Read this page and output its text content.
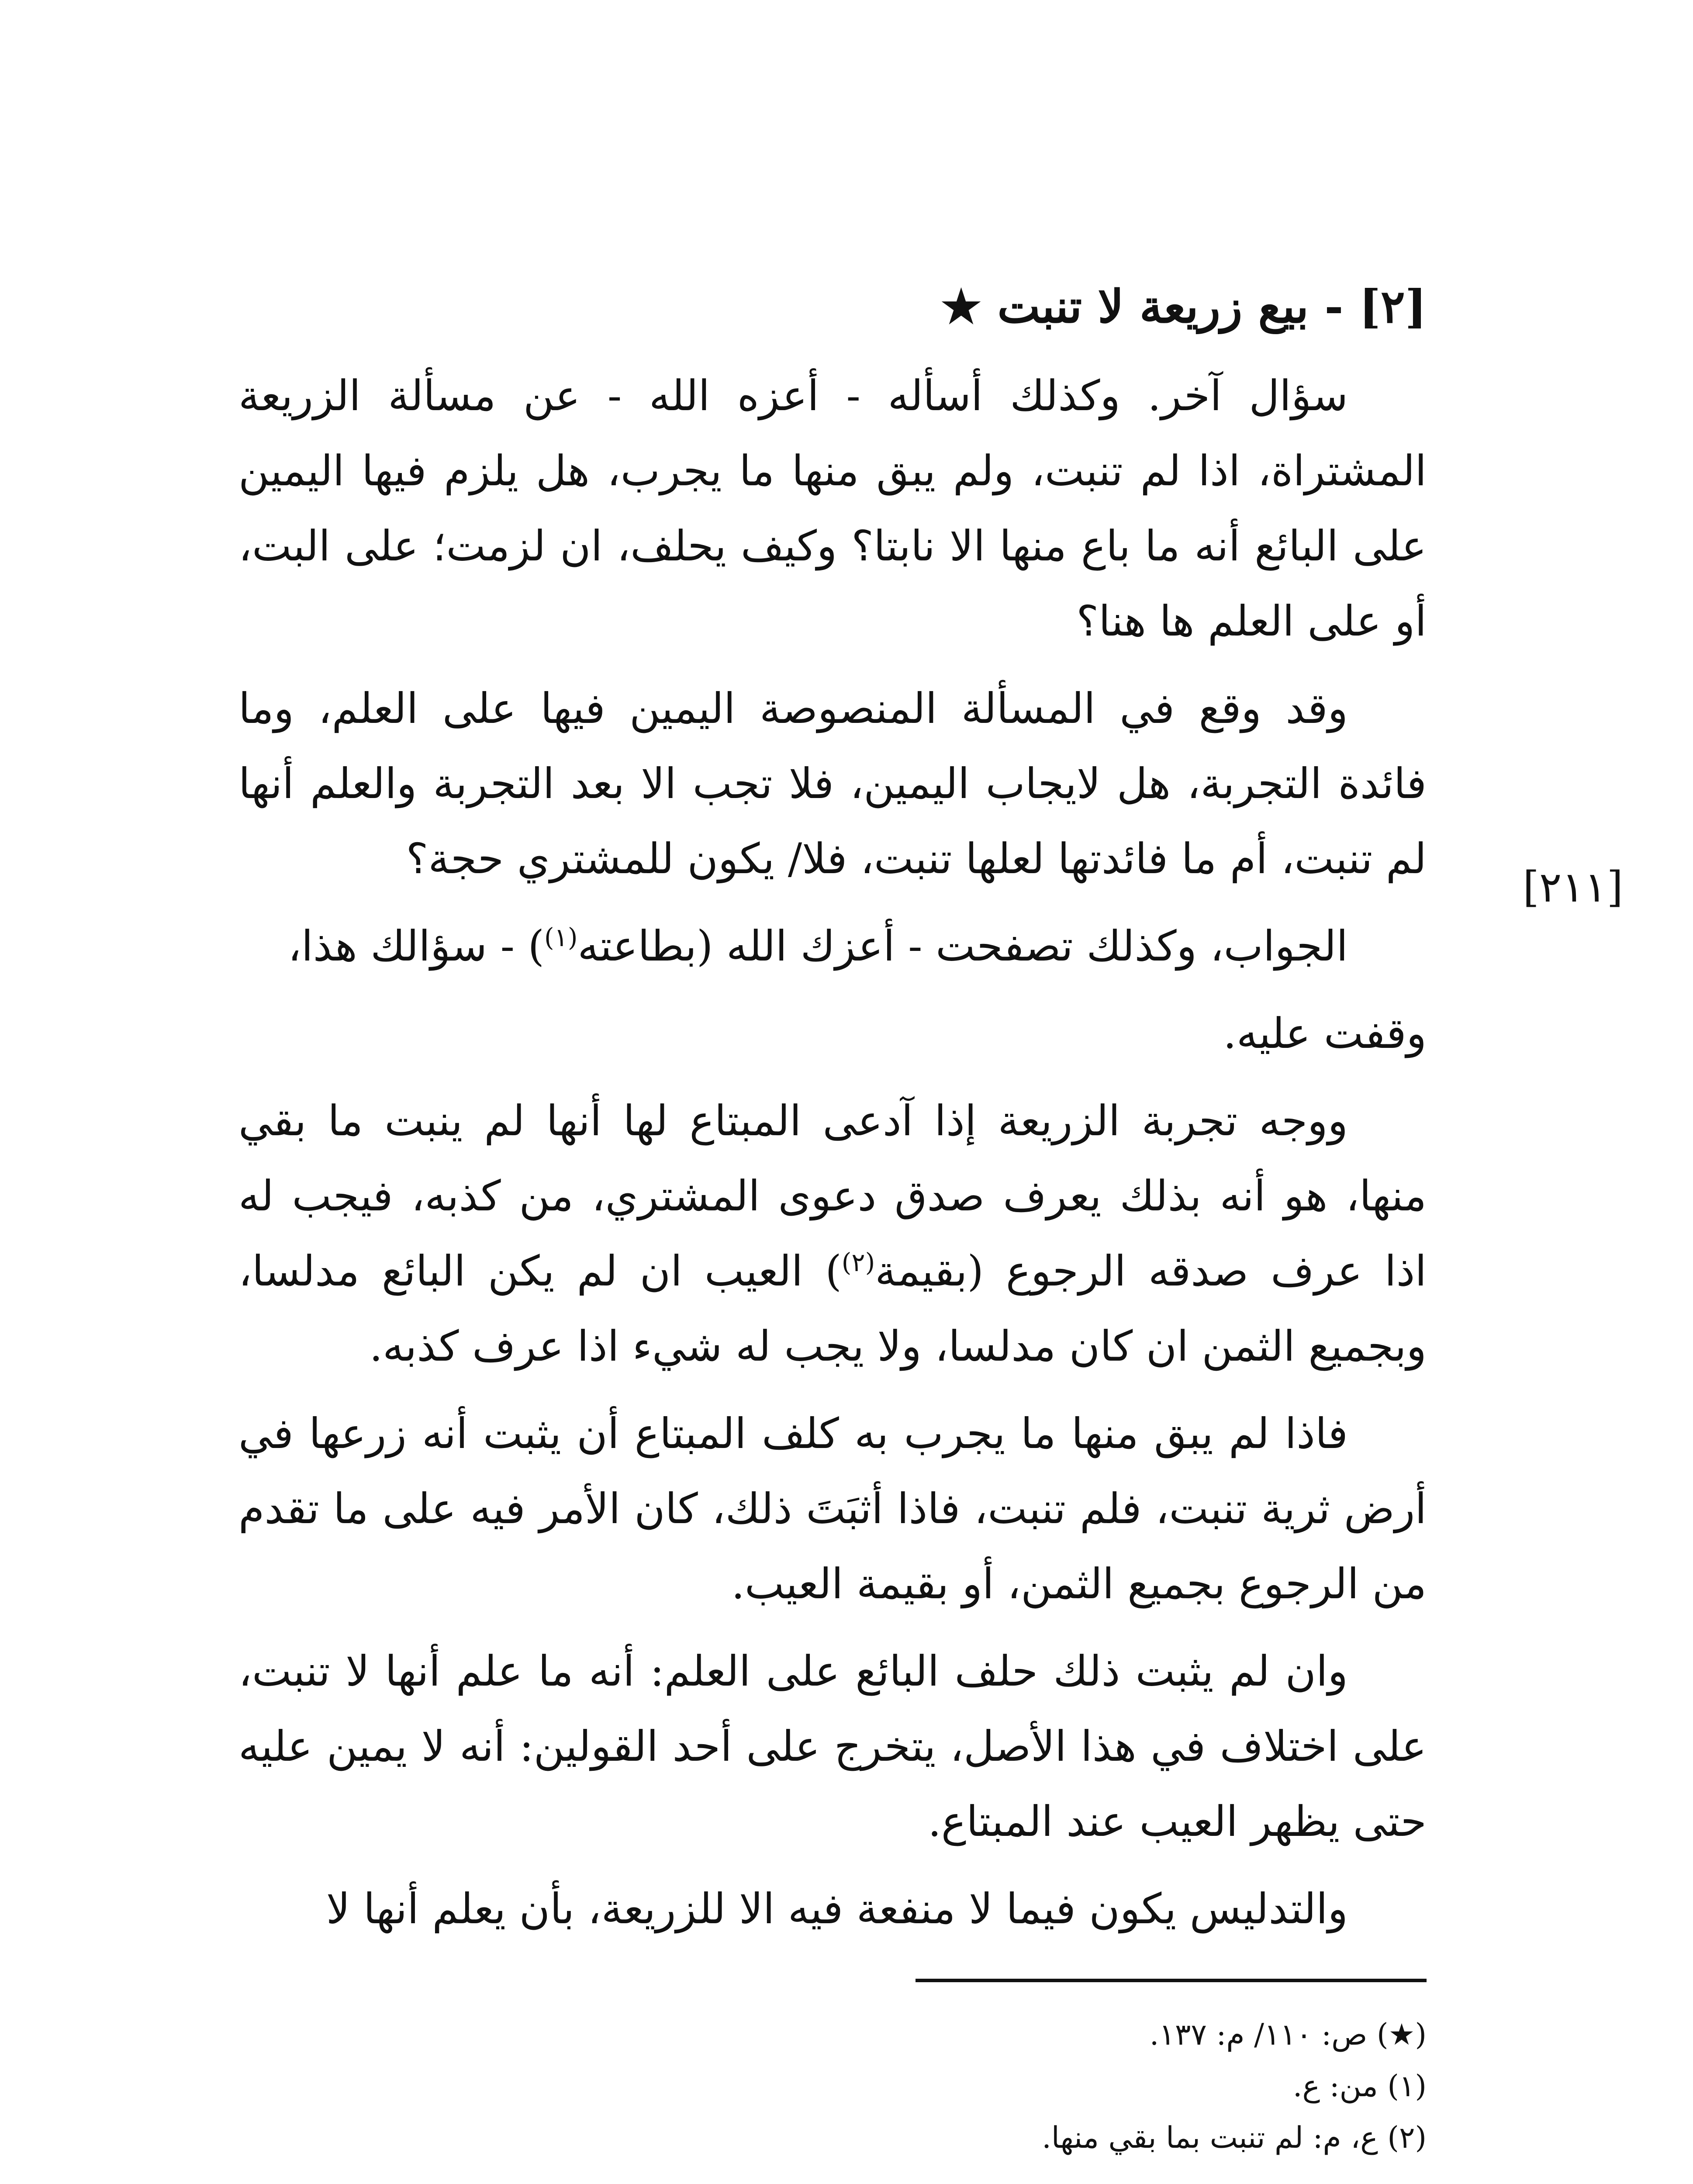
[٢] - بيع زريعة لا تنبت ★

سؤال آخر. وكذلك أسأله - أعزه الله - عن مسألة الزريعة المشتراة، اذا لم تنبت، ولم يبق منها ما يجرب، هل يلزم فيها اليمين على البائع أنه ما باع منها الا نابتا؟ وكيف يحلف، ان لزمت؛ على البت، أو على العلم ها هنا؟

وقد وقع في المسألة المنصوصة اليمين فيها على العلم، وما فائدة التجربة، هل لايجاب اليمين، فلا تجب الا بعد التجربة والعلم أنها لم تنبت، أم ما فائدتها لعلها تنبت، فلا/ يكون للمشتري حجة؟

الجواب، وكذلك تصفحت - أعزك الله (بطاعته$^{(١)}$) - سؤالك هذا،

وقفت عليه.

ووجه تجربة الزريعة إذا آدعى المبتاع لها أنها لم ينبت ما بقي منها، هو أنه بذلك يعرف صدق دعوى المشتري، من كذبه، فيجب له اذا عرف صدقه الرجوع (بقيمة$^{(٢)}$) العيب ان لم يكن البائع مدلسا، وبجميع الثمن ان كان مدلسا، ولا يجب له شيء اذا عرف كذبه.

فاذا لم يبق منها ما يجرب به كلف المبتاع أن يثبت أنه زرعها في أرض ثرية تنبت، فلم تنبت، فاذا أثبَتَ ذلك، كان الأمر فيه على ما تقدم من الرجوع بجميع الثمن، أو بقيمة العيب.

وان لم يثبت ذلك حلف البائع على العلم: أنه ما علم أنها لا تنبت، على اختلاف في هذا الأصل، يتخرج على أحد القولين: أنه لا يمين عليه حتى يظهر العيب عند المبتاع.

والتدليس يكون فيما لا منفعة فيه الا للزريعة، بأن يعلم أنها لا

[٢١١]
(★) ص: ١١٠/ م: ١٣٧.
(١) من: ع.
(٢) ع، م: لم تنبت بما بقي منها.
